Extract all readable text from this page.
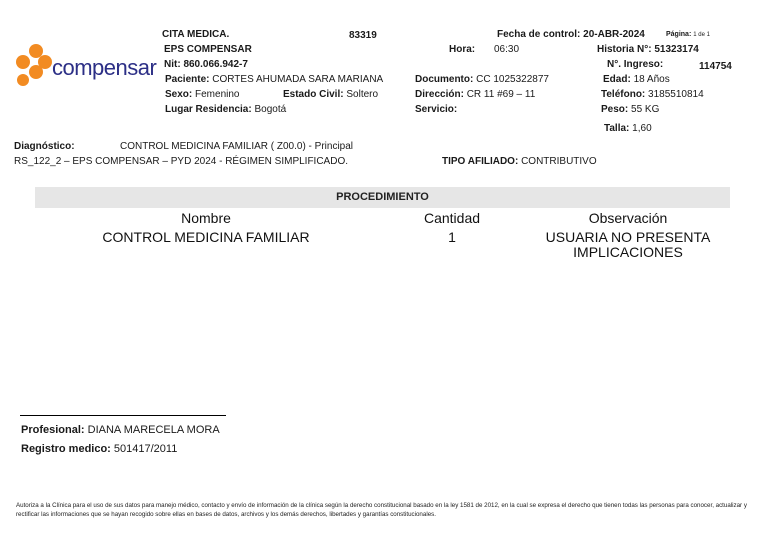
compensar
CITA MEDICA.	83319
EPS COMPENSAR
Nit: 860.066.942-7
Paciente: CORTES AHUMADA SARA MARIANA
Sexo: Femenino	Estado Civil: Soltero
Lugar Residencia: Bogotá
Fecha de control: 20-ABR-2024	Página: 1 de 1
Hora: 06:30	Historia N°: 51323174
N°. Ingreso:	114754
Documento: CC 1025322877	Edad: 18 Años
Dirección: CR 11 #69 – 11	Teléfono: 3185510814
Servicio:	Peso: 55 KG
Talla: 1,60
Diagnóstico:	CONTROL MEDICINA FAMILIAR ( Z00.0) - Principal
RS_122_2 – EPS COMPENSAR – PYD 2024 - RÉGIMEN SIMPLIFICADO.	TIPO AFILIADO: CONTRIBUTIVO
PROCEDIMIENTO
Nombre	Cantidad	Observación
CONTROL MEDICINA FAMILIAR	1	USUARIA NO PRESENTA
IMPLICACIONES
Profesional: DIANA MARECELA MORA
Registro medico: 501417/2011
Autoriza a la Clínica para el uso de sus datos para manejo médico, contacto y envío de información de la clínica según la derecho constitucional basado en la ley 1581 de 2012, en la cual se expresa el derecho que tienen todas las personas para conocer, actualizar y rectificar las informaciones que se hayan recogido sobre ellas en bases de datos, archivos y los demás derechos, libertades y garantías constitucionales.
